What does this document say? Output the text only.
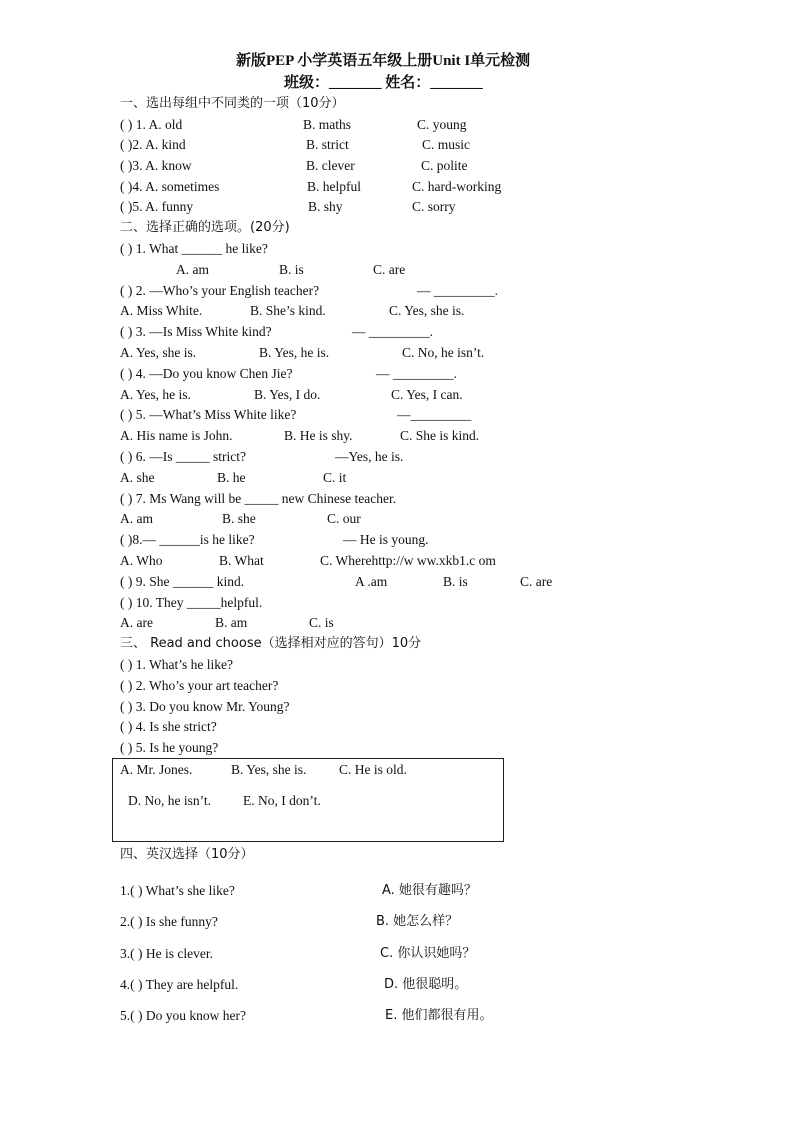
新版PEP 小学英语五年级上册Unit I单元检测
班级：_______ 姓名：_______
一、选出每组中不同类的一项（10分）
( ) 1. A. old	B. maths	C. young
( )2. A. kind	B. strict	C. music
( )3. A. know	B. clever	C. polite
( )4. A. sometimes	B. helpful	C. hard-working
( )5. A. funny	B. shy	C. sorry
二、选择正确的选项。(20分)
( ) 1. What ______ he like?
A. am	B. is	C. are
( ) 2. —Who’s your English teacher?	— _________.
A. Miss White.	B. She’s kind.	C. Yes, she is.
( ) 3. —Is Miss White kind?	— _________.
A. Yes, she is.	B. Yes, he is.	C. No, he isn’t.
( ) 4. —Do you know Chen Jie?	— _________.
A. Yes, he is.	B. Yes, I do.	C. Yes, I can.
( ) 5. —What’s Miss White like?	—_________
A. His name is John.	B. He is shy.	C. She is kind.
( ) 6. —Is _____ strict?	—Yes, he is.
A. she	B. he	C. it
( ) 7. Ms Wang will be _____ new Chinese teacher.
A. am	B. she	C. our
( )8.— ______is he like?	— He is young.
A. Who	B. What	C. Wherehttp://w ww.xkb1.c om
( ) 9. She ______ kind.	A .am	B. is	C. are
( ) 10. They _____helpful.
A. are	B. am	C. is
三、 Read and choose（选择相对应的答句）10分
( ) 1. What’s he like?
( ) 2. Who’s your art teacher?
( ) 3. Do you know Mr. Young?
( ) 4. Is she strict?
( ) 5. Is he young?
A. Mr. Jones.	B. Yes, she is. C. He is old.
D. No, he isn’t. E. No, I don’t.
四、英汉选择（10分）
1.( ) What’s she like?	A. 她很有趣吗？
2.( ) Is she funny?	B. 她怎么样？
3.( ) He is clever.	C. 你认识她吗？
4.( ) They are helpful.	D. 他很聪明。
5.( ) Do you know her?	E. 他们都很有用。
